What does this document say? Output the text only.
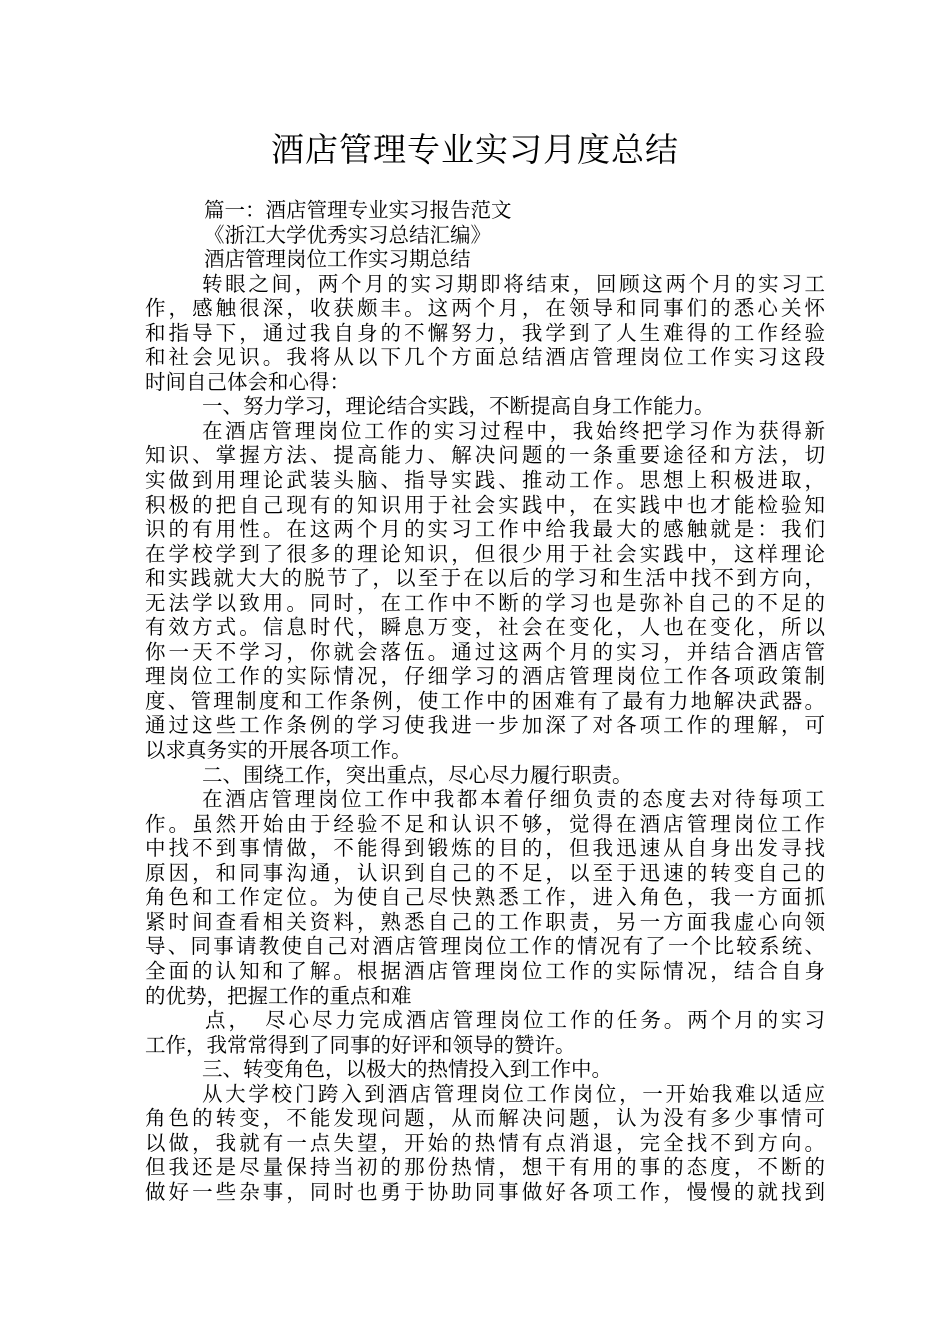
酒店管理专业实习月度总结
篇一：酒店管理专业实习报告范文
《浙江大学优秀实习总结汇编》
酒店管理岗位工作实习期总结
转眼之间，两个月的实习期即将结束，回顾这两个月的实习工
作，感触很深，收获颇丰。这两个月，在领导和同事们的悉心关怀
和指导下，通过我自身的不懈努力，我学到了人生难得的工作经验
和社会见识。我将从以下几个方面总结酒店管理岗位工作实习这段
时间自己体会和心得：
一、努力学习，理论结合实践，不断提高自身工作能力。
在酒店管理岗位工作的实习过程中，我始终把学习作为获得新
知识、掌握方法、提高能力、解决问题的一条重要途径和方法，切
实做到用理论武装头脑、指导实践、推动工作。思想上积极进取，
积极的把自己现有的知识用于社会实践中，在实践中也才能检验知
识的有用性。在这两个月的实习工作中给我最大的感触就是：我们
在学校学到了很多的理论知识，但很少用于社会实践中，这样理论
和实践就大大的脱节了，以至于在以后的学习和生活中找不到方向，
无法学以致用。同时，在工作中不断的学习也是弥补自己的不足的
有效方式。信息时代，瞬息万变，社会在变化，人也在变化，所以
你一天不学习，你就会落伍。通过这两个月的实习，并结合酒店管
理岗位工作的实际情况，仔细学习的酒店管理岗位工作各项政策制
度、管理制度和工作条例，使工作中的困难有了最有力地解决武器。
通过这些工作条例的学习使我进一步加深了对各项工作的理解，可
以求真务实的开展各项工作。
二、围绕工作，突出重点，尽心尽力履行职责。
在酒店管理岗位工作中我都本着仔细负责的态度去对待每项工
作。虽然开始由于经验不足和认识不够，觉得在酒店管理岗位工作
中找不到事情做，不能得到锻炼的目的，但我迅速从自身出发寻找
原因，和同事沟通，认识到自己的不足，以至于迅速的转变自己的
角色和工作定位。为使自己尽快熟悉工作，进入角色，我一方面抓
紧时间查看相关资料，熟悉自己的工作职责，另一方面我虚心向领
导、同事请教使自己对酒店管理岗位工作的情况有了一个比较系统、
全面的认知和了解。根据酒店管理岗位工作的实际情况，结合自身
的优势，把握工作的重点和难
点，　尽心尽力完成酒店管理岗位工作的任务。两个月的实习
工作，我常常得到了同事的好评和领导的赞许。
三、转变角色，以极大的热情投入到工作中。
从大学校门跨入到酒店管理岗位工作岗位，一开始我难以适应
角色的转变，不能发现问题，从而解决问题，认为没有多少事情可
以做，我就有一点失望，开始的热情有点消退，完全找不到方向。
但我还是尽量保持当初的那份热情，想干有用的事的态度，不断的
做好一些杂事，同时也勇于协助同事做好各项工作，慢慢的就找到
